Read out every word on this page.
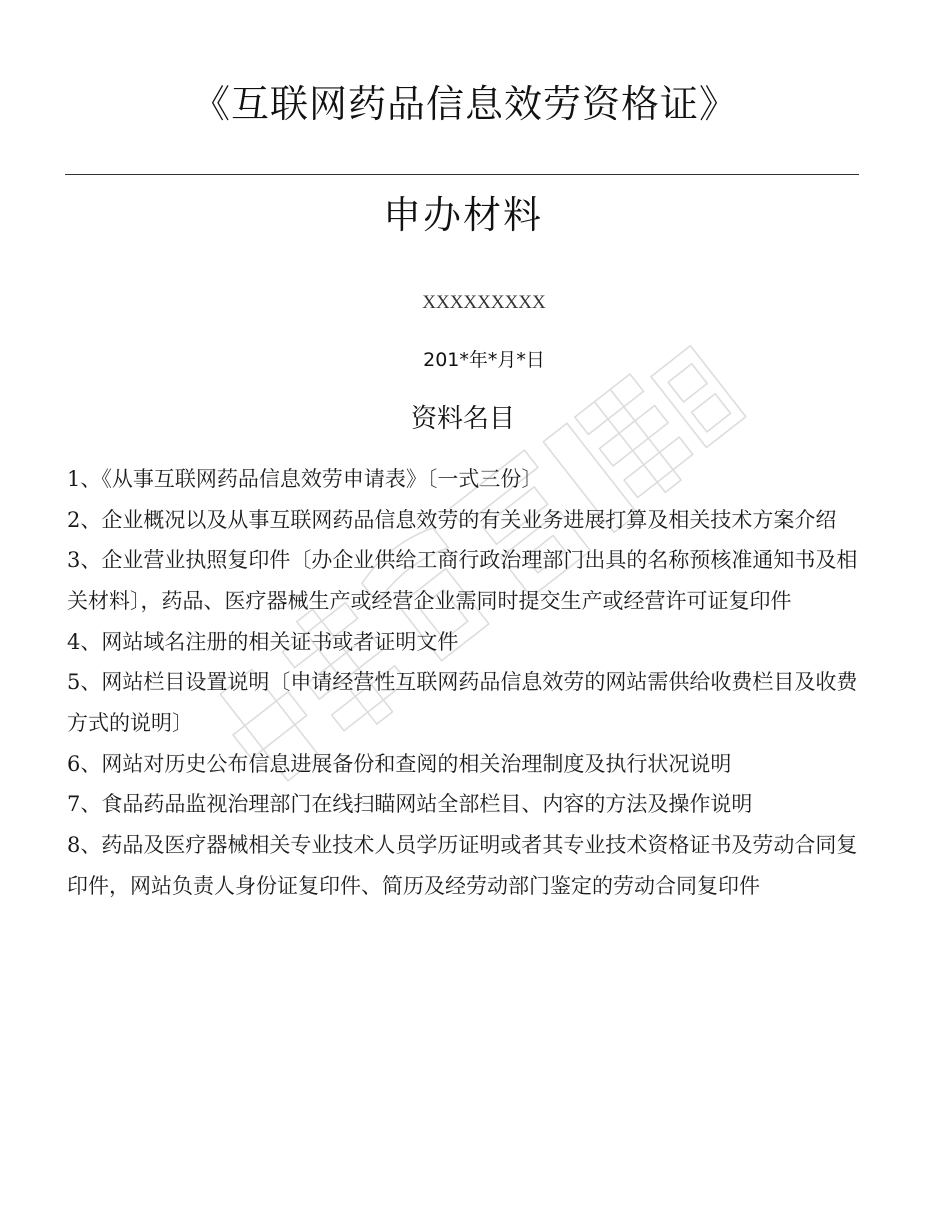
《互联网药品信息效劳资格证》
申办材料
XXXXXXXXX
201*年*月*日
资料名目
1、《从事互联网药品信息效劳申请表》〔一式三份〕
2、企业概况以及从事互联网药品信息效劳的有关业务进展打算及相关技术方案介绍
3、企业营业执照复印件〔办企业供给工商行政治理部门出具的名称预核准通知书及相关材料〕，药品、医疗器械生产或经营企业需同时提交生产或经营许可证复印件
4、网站域名注册的相关证书或者证明文件
5、网站栏目设置说明〔申请经营性互联网药品信息效劳的网站需供给收费栏目及收费方式的说明〕
6、网站对历史公布信息进展备份和查阅的相关治理制度及执行状况说明
7、食品药品监视治理部门在线扫瞄网站全部栏目、内容的方法及操作说明
8、药品及医疗器械相关专业技术人员学历证明或者其专业技术资格证书及劳动合同复印件，网站负责人身份证复印件、简历及经劳动部门鉴定的劳动合同复印件
